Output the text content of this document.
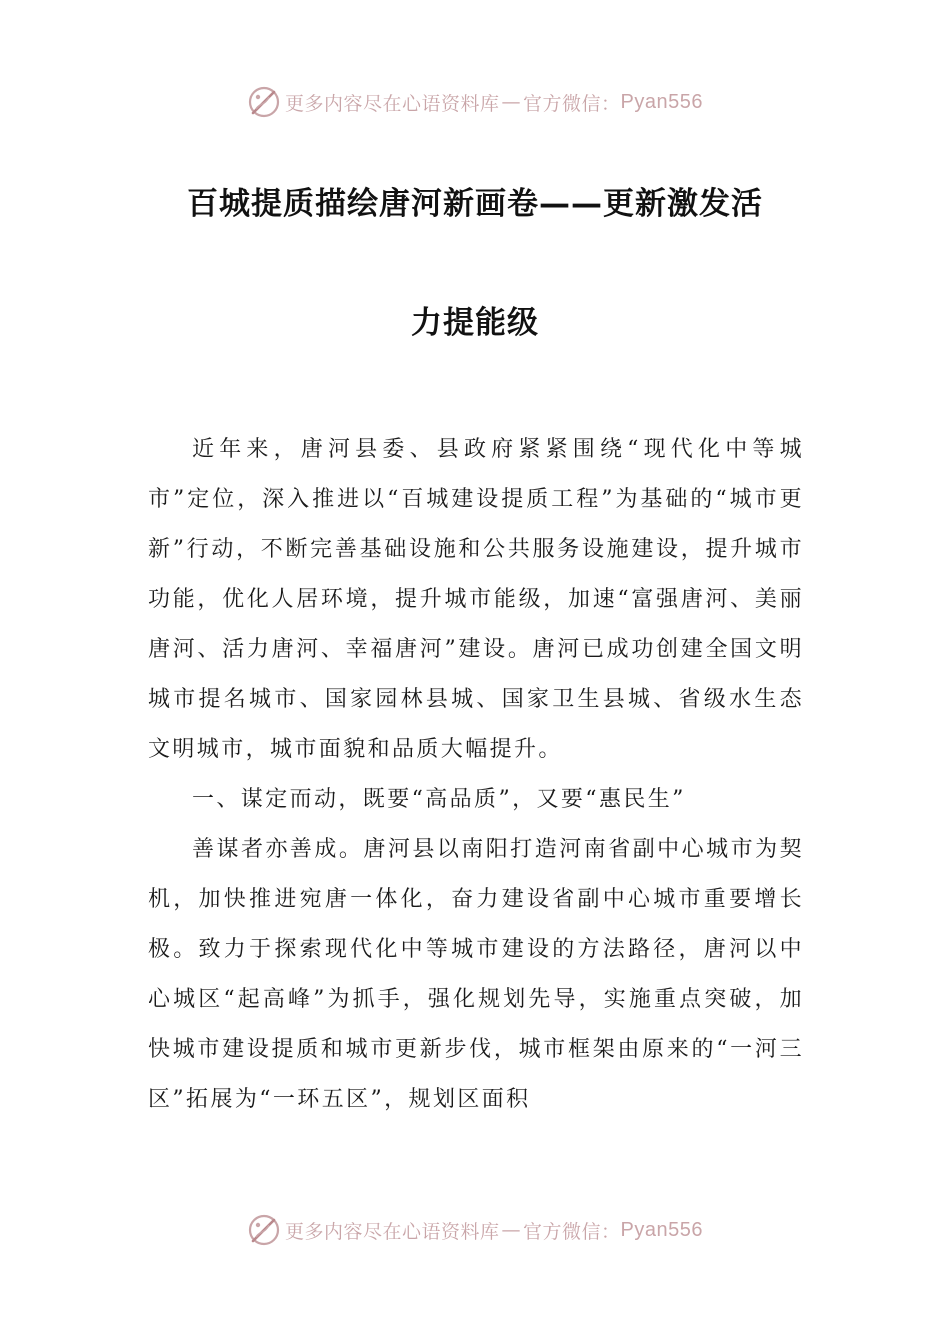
更多内容尽在心语资料库 — 官方微信： Pyan556
百城提质描绘唐河新画卷——更新激发活
力提能级

近年来，唐河县委、县政府紧紧围绕“现代化中等城市”定位，深入推进以“百城建设提质工程”为基础的“城市更新”行动，不断完善基础设施和公共服务设施建设，提升城市功能，优化人居环境，提升城市能级，加速“富强唐河、美丽唐河、活力唐河、幸福唐河”建设。唐河已成功创建全国文明城市提名城市、国家园林县城、国家卫生县城、省级水生态文明城市，城市面貌和品质大幅提升。

一、谋定而动，既要“高品质”，又要“惠民生”

善谋者亦善成。唐河县以南阳打造河南省副中心城市为契机，加快推进宛唐一体化，奋力建设省副中心城市重要增长极。致力于探索现代化中等城市建设的方法路径，唐河以中心城区“起高峰”为抓手，强化规划先导，实施重点突破，加快城市建设提质和城市更新步伐，城市框架由原来的“一河三区”拓展为“一环五区”，规划区面积

更多内容尽在心语资料库 — 官方微信： Pyan556
